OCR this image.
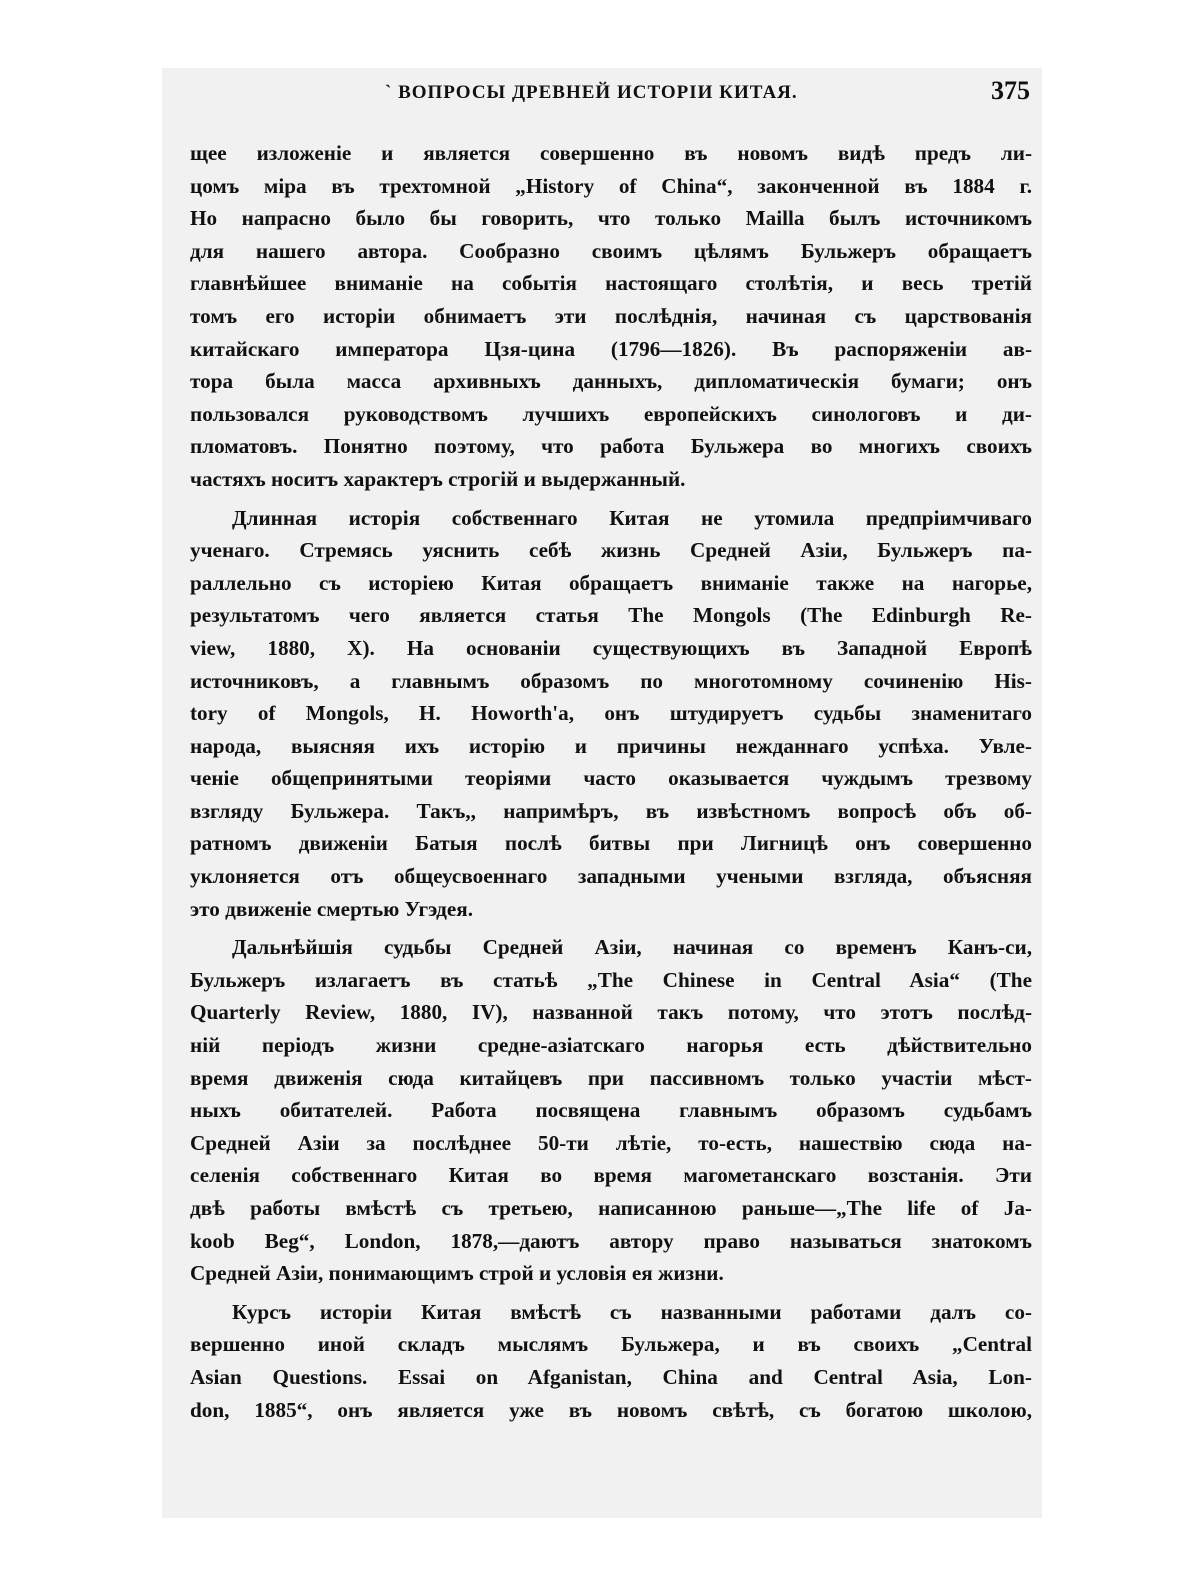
` ВОПРОСЫ ДРЕВНЕЙ ИСТОРІИ КИТАЯ.	375
щее изложеніе и является совершенно въ новомъ видѣ предъ ли-
цомъ міра въ трехтомной „History of China“, законченной въ 1884 г.
Но напрасно было бы говорить, что только Mailla былъ источникомъ
для нашего автора. Сообразно своимъ цѣлямъ Бульжеръ обращаетъ
главнѣйшее вниманіе на событія настоящаго столѣтія, и весь третій
томъ его исторіи обнимаетъ эти послѣднія, начиная съ царствованія
китайскаго императора Цзя-цина (1796—1826). Въ распоряженіи ав-
тора была масса архивныхъ данныхъ, дипломатическія бумаги; онъ
пользовался руководствомъ лучшихъ европейскихъ синологовъ и ди-
пломатовъ. Понятно поэтому, что работа Бульжера во многихъ своихъ
частяхъ носитъ характеръ строгій и выдержанный.
Длинная исторія собственнаго Китая не утомила предпріимчиваго
ученаго. Стремясь уяснить себѣ жизнь Средней Азіи, Бульжеръ па-
раллельно съ исторіею Китая обращаетъ вниманіе также на нагорье,
результатомъ чего является статья The Mongols (The Edinburgh Re-
view, 1880, X). На основаніи существующихъ въ Западной Европѣ
источниковъ, а главнымъ образомъ по многотомному сочиненію His-
tory of Mongols, H. Howorth'а, онъ штудируетъ судьбы знаменитаго
народа, выясняя ихъ исторію и причины нежданнаго успѣха. Увле-
ченіе общепринятыми теоріями часто оказывается чуждымъ трезвому
взгляду Бульжера. Такъ,, напримѣръ, въ извѣстномъ вопросѣ объ об-
ратномъ движеніи Батыя послѣ битвы при Лигницѣ онъ совершенно
уклоняется отъ общеусвоеннаго западными учеными взгляда, объясняя
это движеніе смертью Угэдея.
Дальнѣйшія судьбы Средней Азіи, начиная со временъ Канъ-си,
Бульжеръ излагаетъ въ статьѣ „The Chinese in Central Asia“ (The
Quarterly Review, 1880, IV), названной такъ потому, что этотъ послѣд-
ній періодъ жизни средне-азіатскаго нагорья есть дѣйствительно
время движенія сюда китайцевъ при пассивномъ только участіи мѣст-
ныхъ обитателей. Работа посвящена главнымъ образомъ судьбамъ
Средней Азіи за послѣднее 50-ти лѣтіе, то-есть, нашествію сюда на-
селенія собственнаго Китая во время магометанскаго возстанія. Эти
двѣ работы вмѣстѣ съ третьею, написанною раньше—„The life of Ja-
koob Beg“, London, 1878,—даютъ автору право называться знатокомъ
Средней Азіи, понимающимъ строй и условія ея жизни.
Курсъ исторіи Китая вмѣстѣ съ названными работами далъ со-
вершенно иной складъ мыслямъ Бульжера, и въ своихъ „Central
Asian Questions. Essai on Afganistan, China and Central Asia, Lon-
don, 1885“, онъ является уже въ новомъ свѣтѣ, съ богатою школою,
